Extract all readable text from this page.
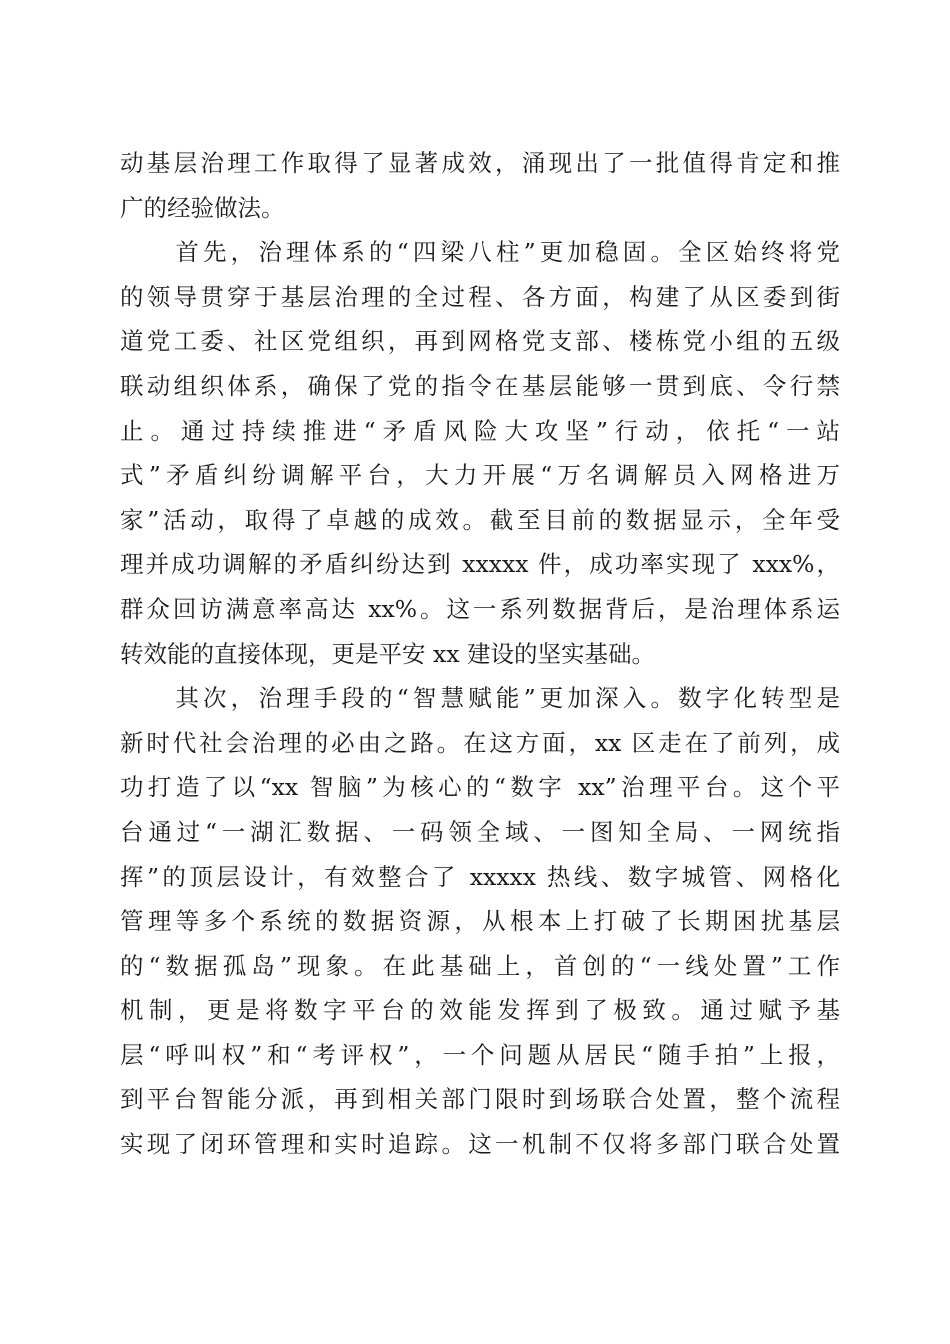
动基层治理工作取得了显著成效，涌现出了一批值得肯定和推
广的经验做法。
　　首先，治理体系的“四梁八柱”更加稳固。全区始终将党
的领导贯穿于基层治理的全过程、各方面，构建了从区委到街
道党工委、社区党组织，再到网格党支部、楼栋党小组的五级
联动组织体系，确保了党的指令在基层能够一贯到底、令行禁
止。通过持续推进“矛盾风险大攻坚”行动，依托“一站
式”矛盾纠纷调解平台，大力开展“万名调解员入网格进万
家”活动，取得了卓越的成效。截至目前的数据显示，全年受
理并成功调解的矛盾纠纷达到 xxxxx 件，成功率实现了 xxx%，
群众回访满意率高达 xx%。这一系列数据背后，是治理体系运
转效能的直接体现，更是平安 xx 建设的坚实基础。
　　其次，治理手段的“智慧赋能”更加深入。数字化转型是
新时代社会治理的必由之路。在这方面，xx 区走在了前列，成
功打造了以“xx 智脑”为核心的“数字 xx”治理平台。这个平
台通过“一湖汇数据、一码领全域、一图知全局、一网统指
挥”的顶层设计，有效整合了 xxxxx 热线、数字城管、网格化
管理等多个系统的数据资源，从根本上打破了长期困扰基层
的“数据孤岛”现象。在此基础上，首创的“一线处置”工作
机制，更是将数字平台的效能发挥到了极致。通过赋予基
层“呼叫权”和“考评权”，一个问题从居民“随手拍”上报，
到平台智能分派，再到相关部门限时到场联合处置，整个流程
实现了闭环管理和实时追踪。这一机制不仅将多部门联合处置
